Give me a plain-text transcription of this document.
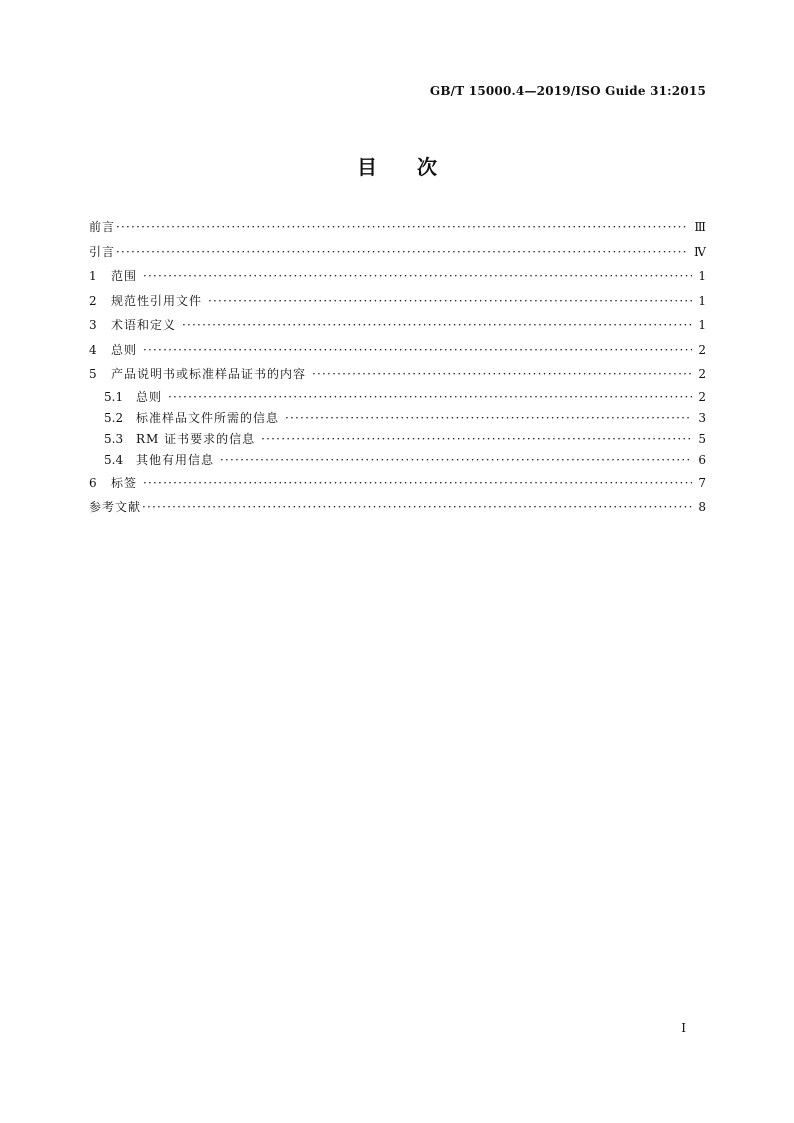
GB/T 15000.4—2019/ISO Guide 31:2015
目次
前言 ·····	Ⅲ
引言 ·····	Ⅳ
1	范围 ·····	1
2	规范性引用文件 ·····	1
3	术语和定义 ·····	1
4	总则 ·····	2
5	产品说明书或标准样品证书的内容 ·····	2
5.1	总则 ·····	2
5.2	标准样品文件所需的信息 ·····	3
5.3	RM 证书要求的信息 ·····	5
5.4	其他有用信息 ·····	6
6	标签 ·····	7
参考文献 ·····	8
Ⅰ
